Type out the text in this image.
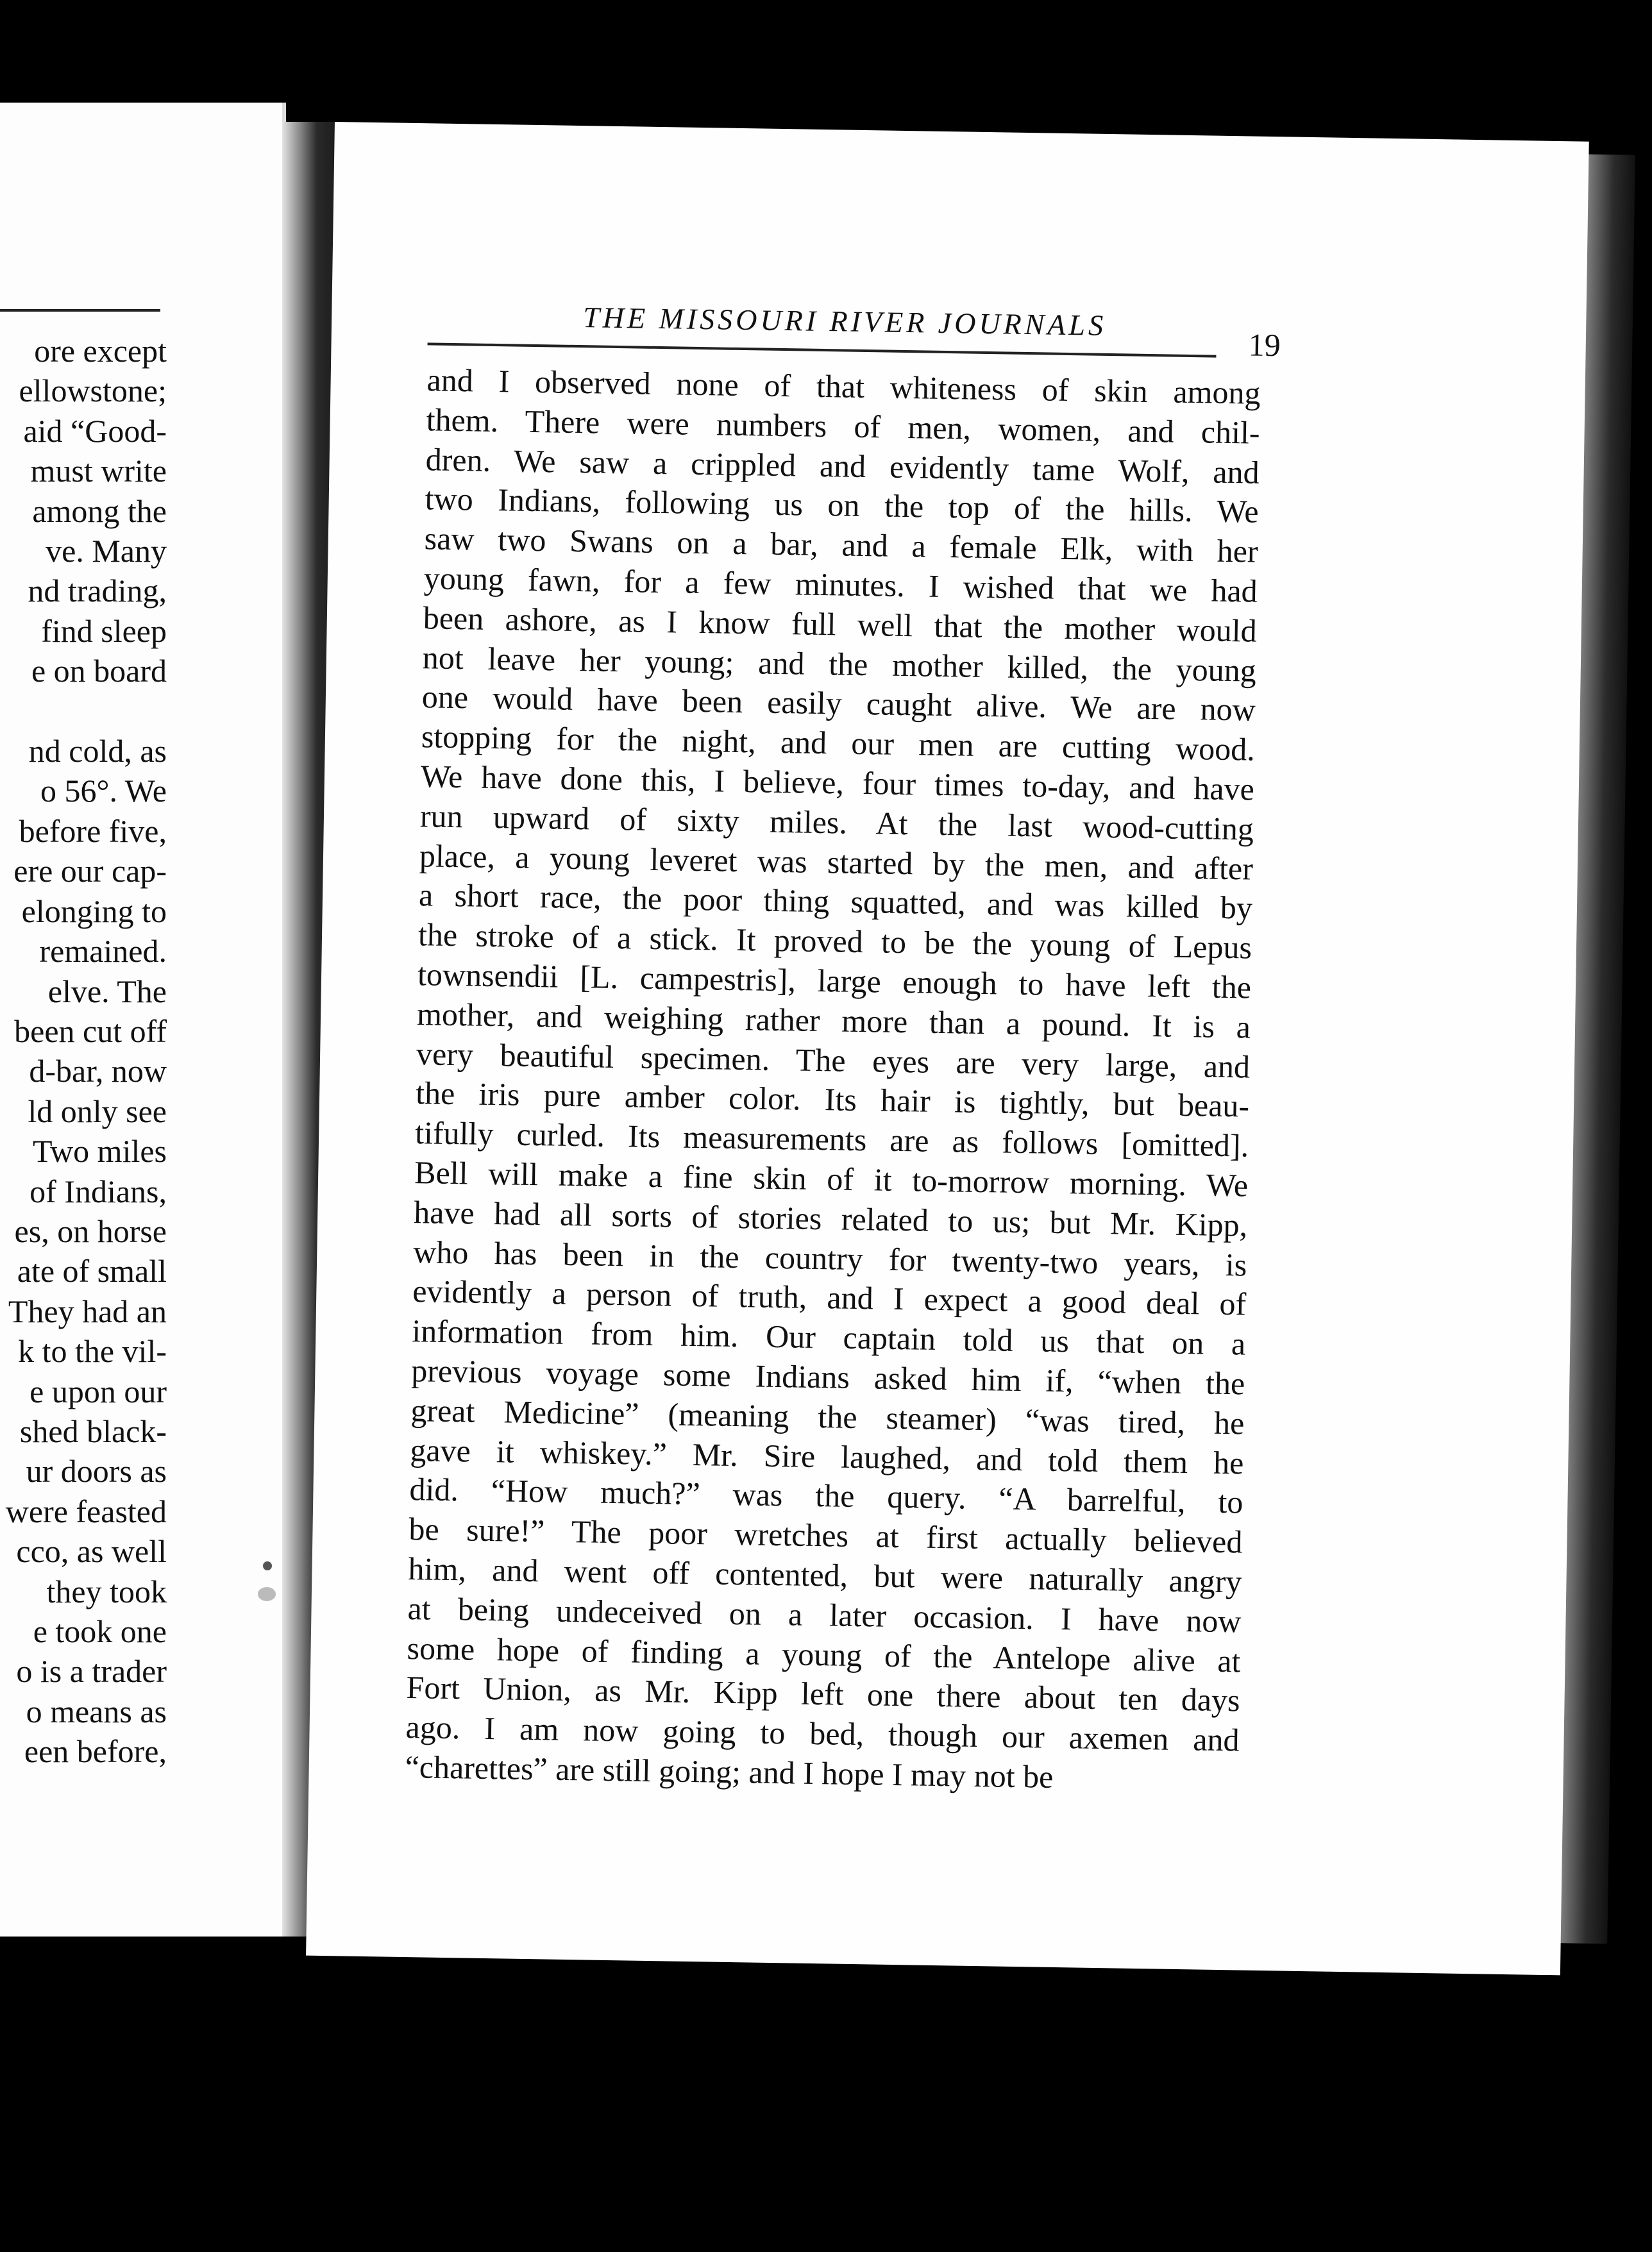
ore except
ellowstone;
aid “Good-
must write
among the
ve. Many
nd trading,
find sleep
e on board

nd cold, as
o 56°. We
before five,
ere our cap-
elonging to
remained.
elve. The
been cut off
d-bar, now
ld only see
Two miles
of Indians,
es, on horse
ate of small
They had an
k to the vil-
e upon our
shed black-
ur doors as
were feasted
cco, as well
they took
e took one
o is a trader
o means as
een before,
THE MISSOURI RIVER JOURNALS
19
and I observed none of that whiteness of skin among
them. There were numbers of men, women, and chil-
dren. We saw a crippled and evidently tame Wolf, and
two Indians, following us on the top of the hills. We
saw two Swans on a bar, and a female Elk, with her
young fawn, for a few minutes. I wished that we had
been ashore, as I know full well that the mother would
not leave her young; and the mother killed, the young
one would have been easily caught alive. We are now
stopping for the night, and our men are cutting wood.
We have done this, I believe, four times to-day, and have
run upward of sixty miles. At the last wood-cutting
place, a young leveret was started by the men, and after
a short race, the poor thing squatted, and was killed by
the stroke of a stick. It proved to be the young of Lepus
townsendii [L. campestris], large enough to have left the
mother, and weighing rather more than a pound. It is a
very beautiful specimen. The eyes are very large, and
the iris pure amber color. Its hair is tightly, but beau-
tifully curled. Its measurements are as follows [omitted].
Bell will make a fine skin of it to-morrow morning. We
have had all sorts of stories related to us; but Mr. Kipp,
who has been in the country for twenty-two years, is
evidently a person of truth, and I expect a good deal of
information from him. Our captain told us that on a
previous voyage some Indians asked him if, “when the
great Medicine” (meaning the steamer) “was tired, he
gave it whiskey.” Mr. Sire laughed, and told them he
did. “How much?” was the query. “A barrelful, to
be sure!” The poor wretches at first actually believed
him, and went off contented, but were naturally angry
at being undeceived on a later occasion. I have now
some hope of finding a young of the Antelope alive at
Fort Union, as Mr. Kipp left one there about ten days
ago. I am now going to bed, though our axemen and
“charettes” are still going; and I hope I may not be
